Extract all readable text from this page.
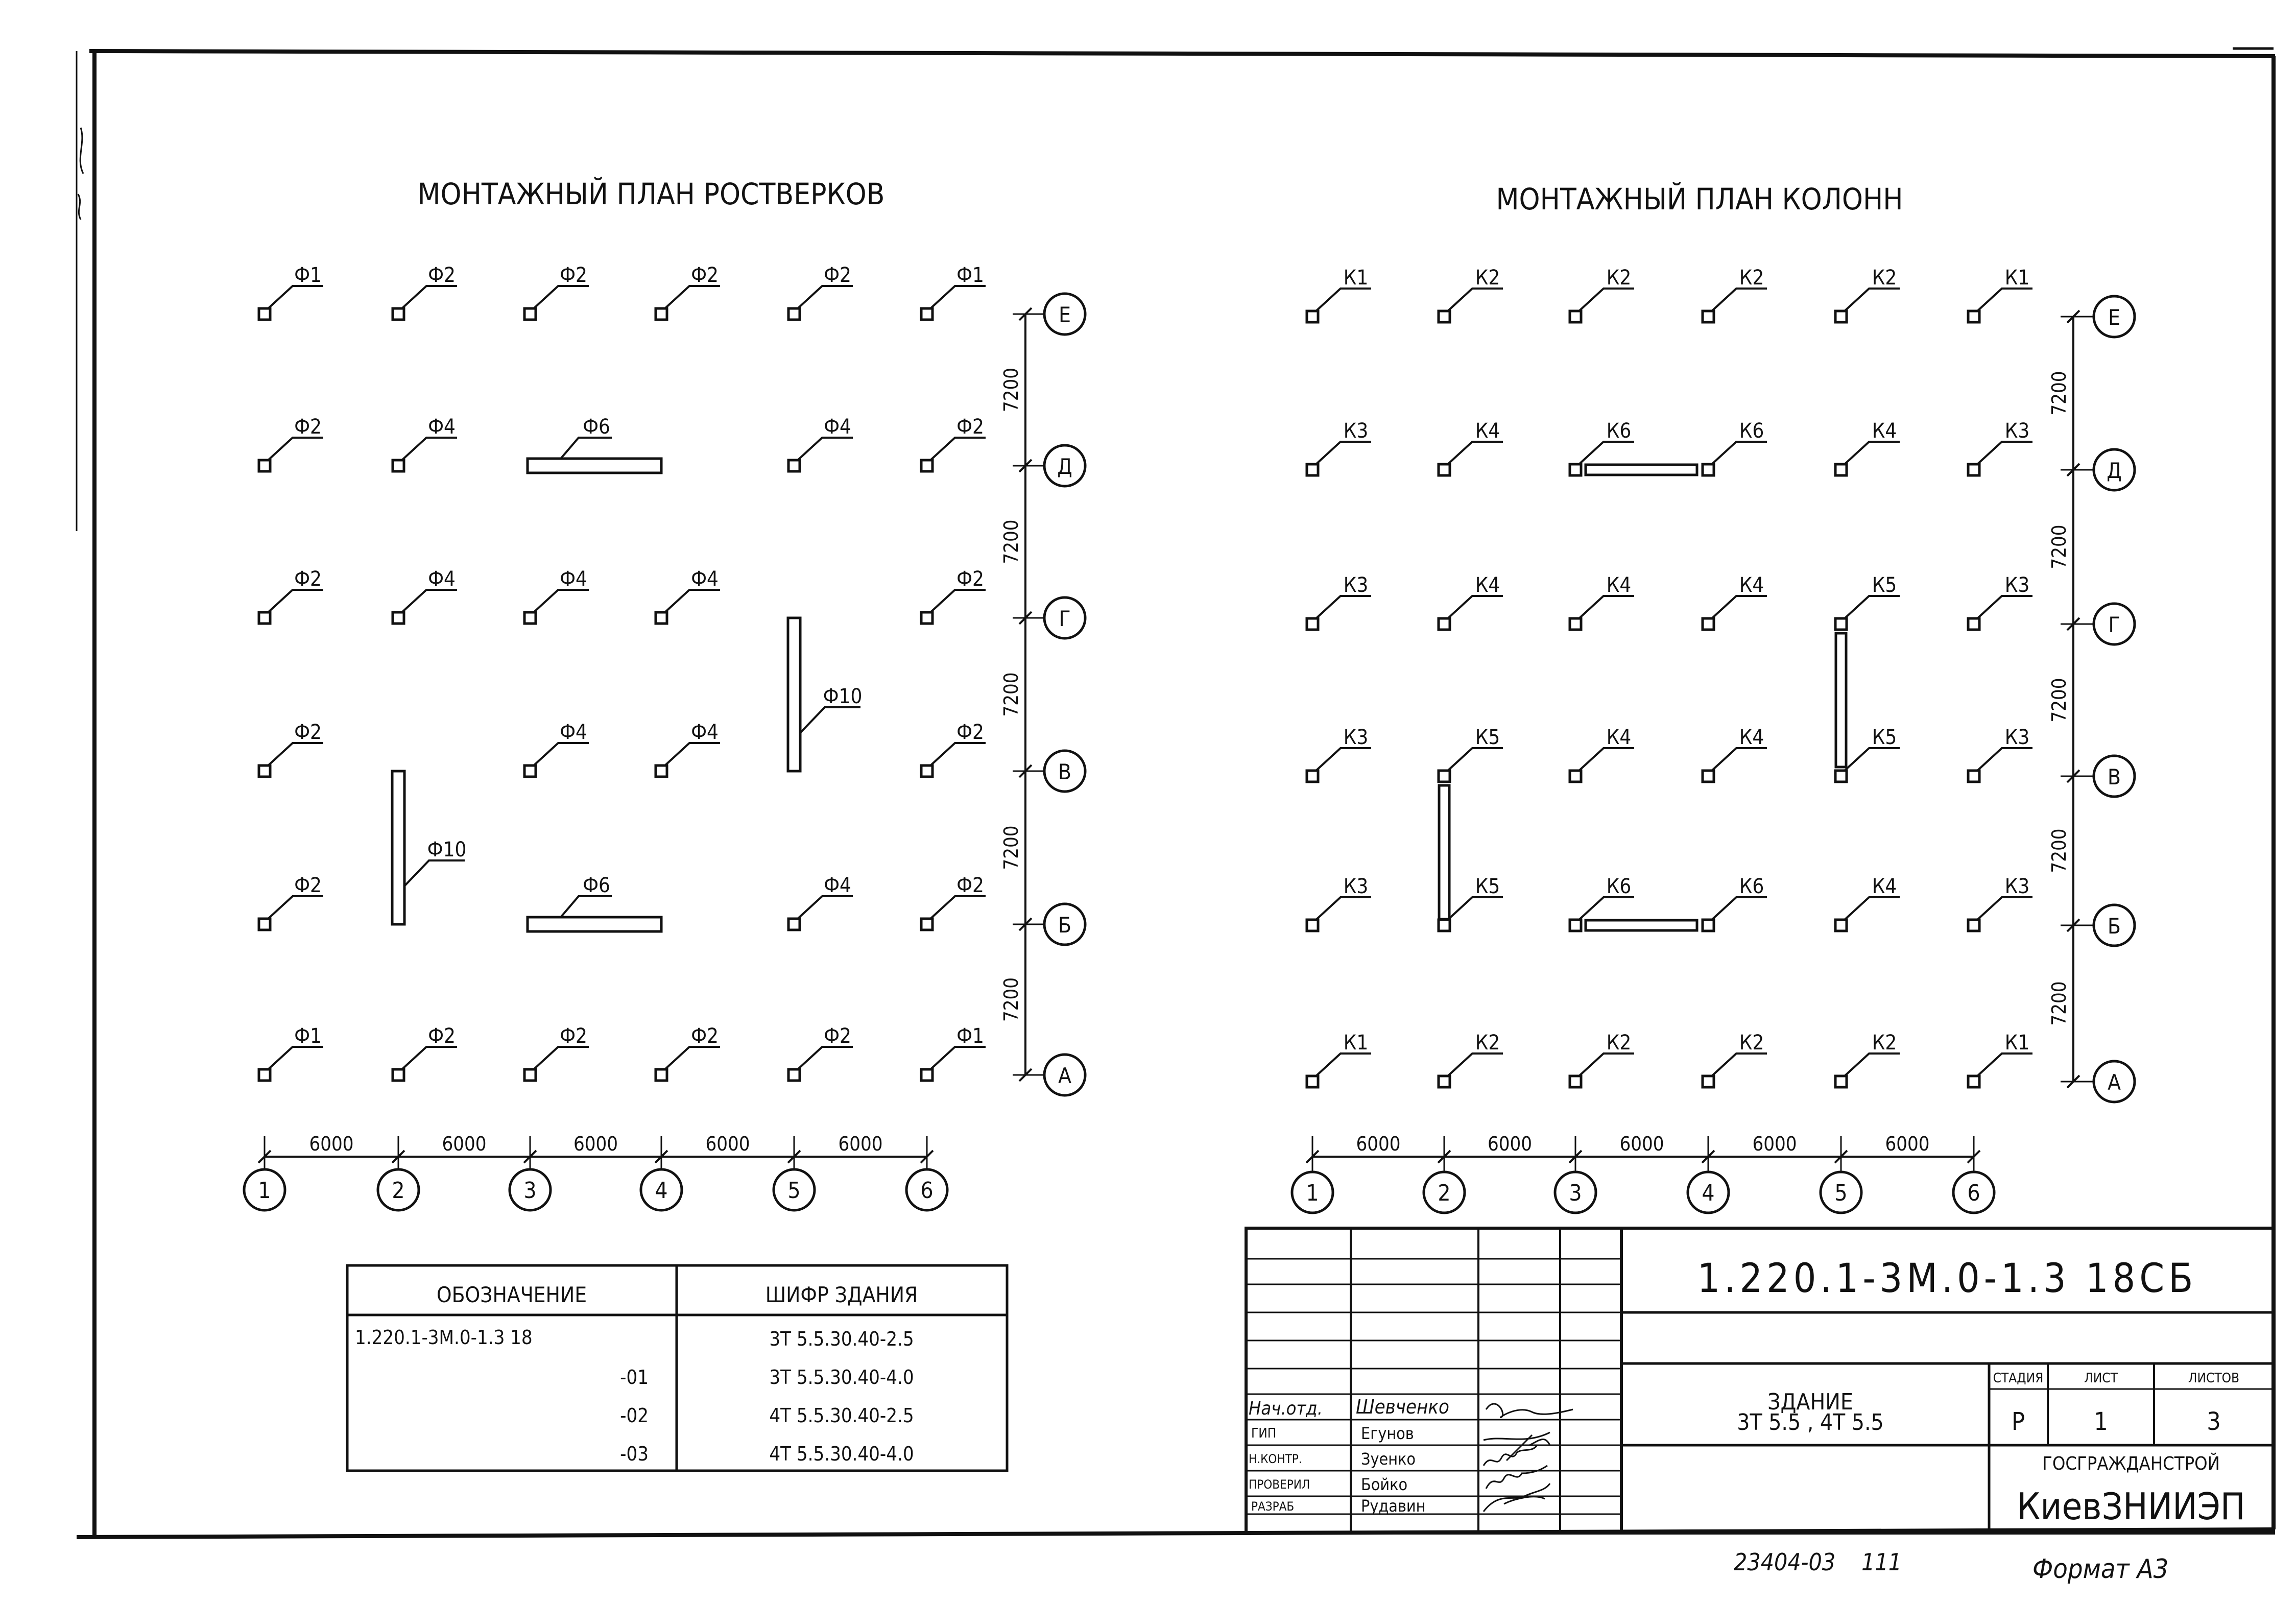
МОНТАЖНЫЙ ПЛАН РОСТВЕРКОВ	МОНТАЖНЫЙ ПЛАН КОЛОНН
1
6000
Е
7200
2
6000
Д
7200
3
6000
Г
7200
4
6000
В
7200
5
6000
Б
7200
6
А
Ф1	Ф2	Ф2	Ф2	Ф2	Ф1
Ф2	Ф4	Ф4	Ф2
Ф2	Ф4	Ф4	Ф4	Ф2
Ф2	Ф4	Ф4	Ф2
Ф2	Ф4	Ф2
Ф1	Ф2	Ф2	Ф2	Ф2	Ф1
Ф6
Ф10
Ф10
Ф6
1
6000
Е
7200
2
6000
Д
7200
3
6000
Г
7200
4
6000
В
7200
5
6000
Б
7200
6
А
К1	К2	К2	К2	К2	К1
К3	К4	К6	К6	К4	К3
К3	К4	К4	К4	К5	К3
К3	К5	К4	К4	К5	К3
К3	К5	К6	К6	К4	К3
К1	К2	К2	К2	К2	К1
ОБОЗНАЧЕНИЕ	ШИФР ЗДАНИЯ
1.220.1-3М.0-1.3 18	3Т 5.5.30.40-2.5
-01	3Т 5.5.30.40-4.0
-02	4Т 5.5.30.40-2.5
-03	4Т 5.5.30.40-4.0
1.220.1-3М.0-1.3 18СБ
ЗДАНИЕ
3Т 5.5 , 4Т 5.5
СТАДИЯ	ЛИСТ	ЛИСТОВ
Р	1	3
ГОСГРАЖДАНСТРОЙ
КиевЗНИИЭП
Нач.отд. Шевченко
ГИП	Егунов
Н.КОНТР.	Зуенко
ПРОВЕРИЛ	Бойко
РАЗРАБ	Рудавин
23404-03 111	Формат А3
